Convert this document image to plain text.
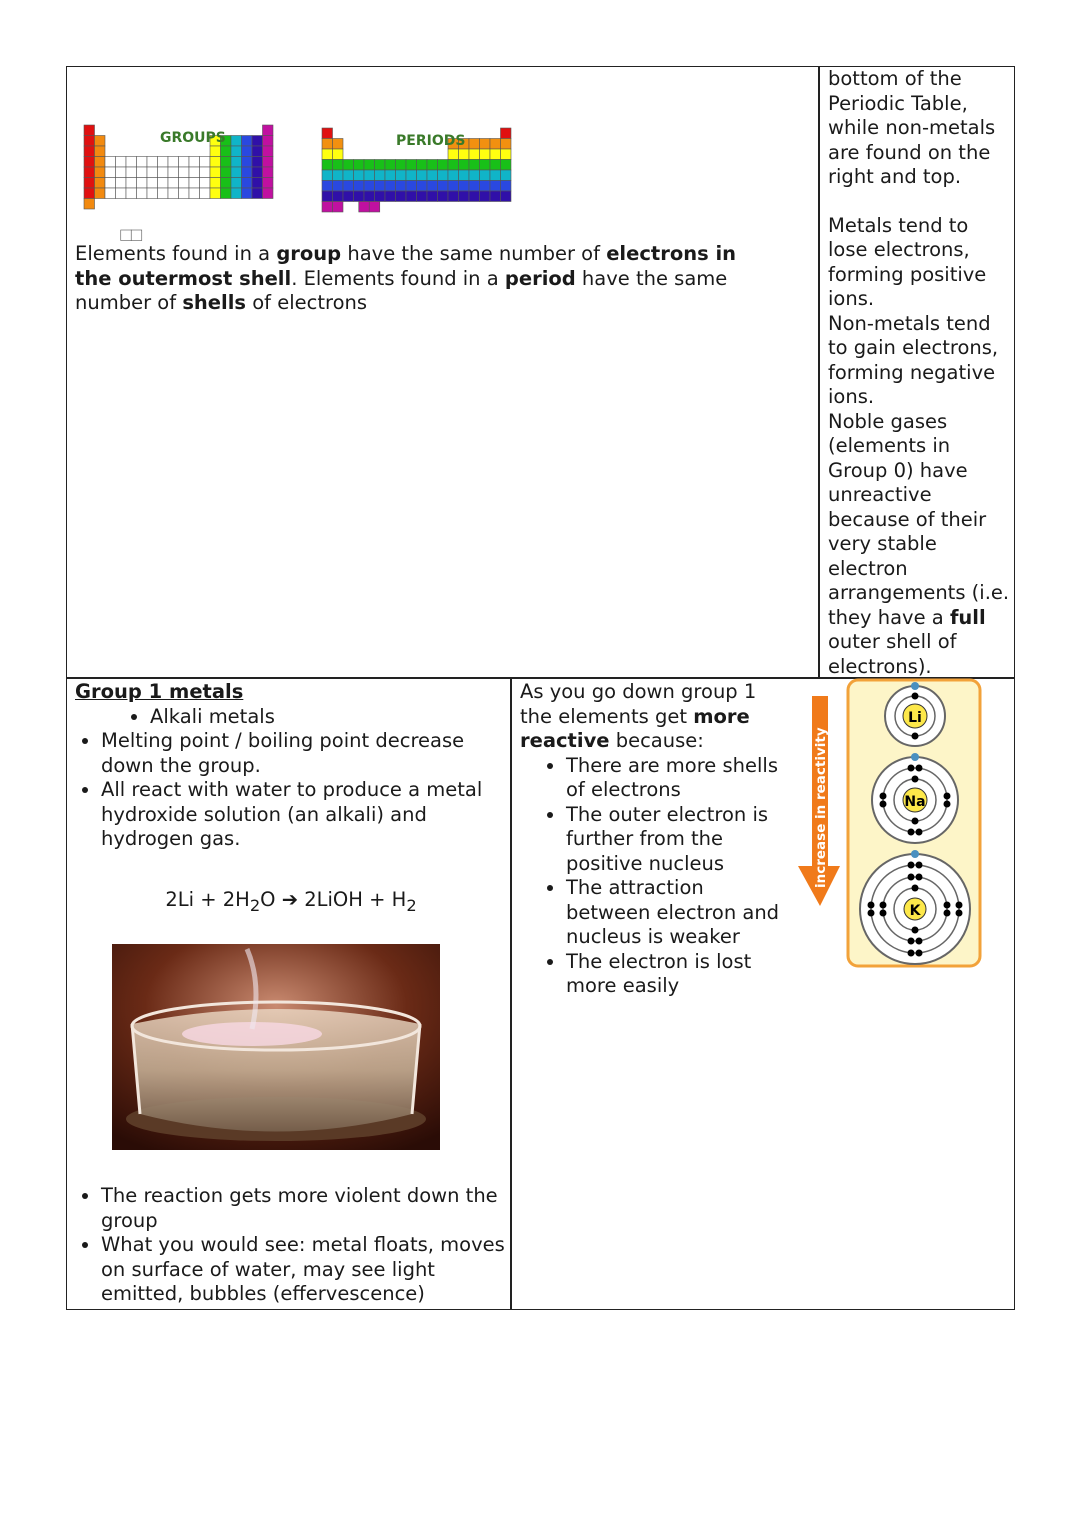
GROUPS	PERIODS

Elements found in a group have the same number of electrons in the outermost shell. Elements found in a period have the same number of shells of electrons

bottom of the Periodic Table, while non-metals are found on the right and top.

Metals tend to lose electrons, forming positive ions.

Non-metals tend to gain electrons, forming negative ions.

Noble gases (elements in Group 0) have unreactive because of their very stable electron arrangements (i.e. they have a full outer shell of electrons).

Group 1 metals

• Alkali metals
• Melting point / boiling point decrease down the group.
• All react with water to produce a metal hydroxide solution (an alkali) and hydrogen gas.

$2Li + 2H_2O$ ➔ 2LiOH + $H_2$

• The reaction gets more violent down the group
• What you would see: metal floats, moves on surface of water, may see light emitted, bubbles (effervescence)

As you go down group 1 the elements get more reactive because:

• There are more shells of electrons
• The outer electron is further from the positive nucleus
• The attraction between electron and nucleus is weaker
• The electron is lost more easily
increase in reactivity
Li
Na
K
